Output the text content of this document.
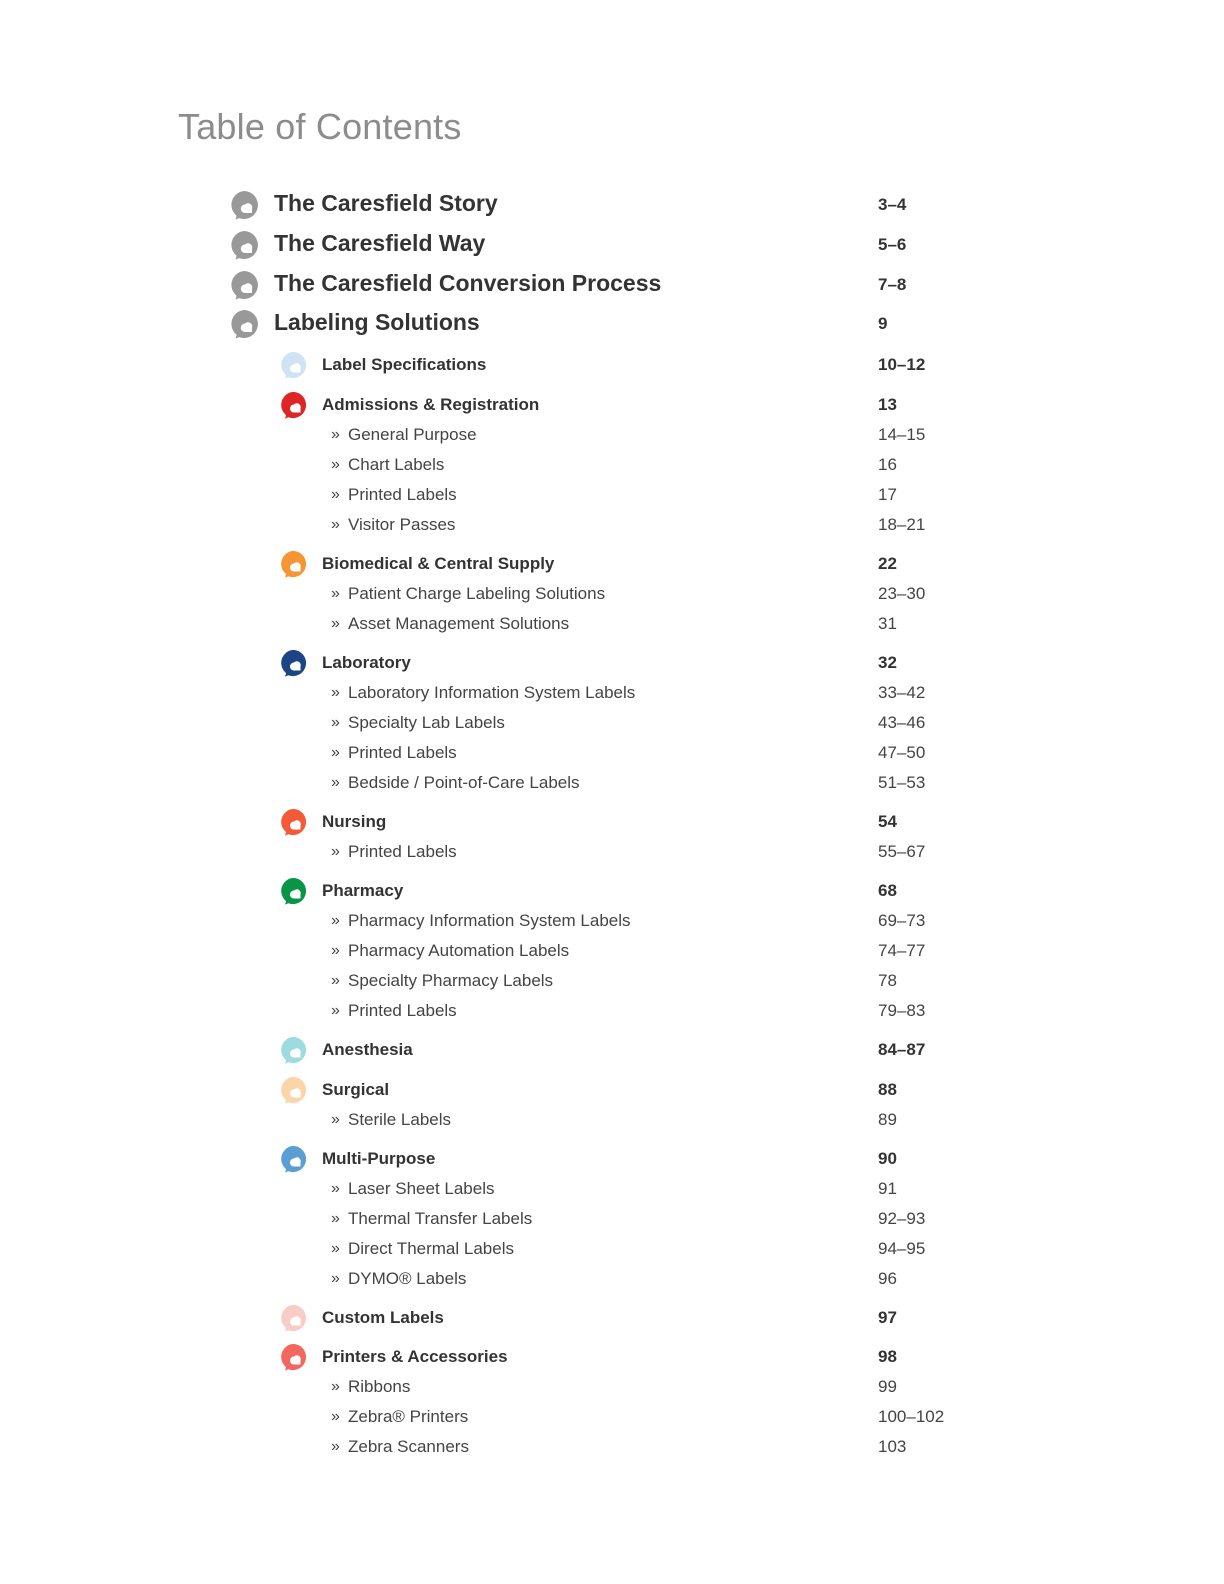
Table of Contents
The Caresfield Story	3–4
The Caresfield Way	5–6
The Caresfield Conversion Process	7–8
Labeling Solutions	9
Label Specifications	10–12
Admissions & Registration	13
» General Purpose	14–15
» Chart Labels	16
» Printed Labels	17
» Visitor Passes	18–21
Biomedical & Central Supply	22
» Patient Charge Labeling Solutions	23–30
» Asset Management Solutions	31
Laboratory	32
» Laboratory Information System Labels	33–42
» Specialty Lab Labels	43–46
» Printed Labels	47–50
» Bedside / Point-of-Care Labels	51–53
Nursing	54
» Printed Labels	55–67
Pharmacy	68
» Pharmacy Information System Labels	69–73
» Pharmacy Automation Labels	74–77
» Specialty Pharmacy Labels	78
» Printed Labels	79–83
Anesthesia	84–87
Surgical	88
» Sterile Labels	89
Multi-Purpose	90
» Laser Sheet Labels	91
» Thermal Transfer Labels	92–93
» Direct Thermal Labels	94–95
» DYMO® Labels	96
Custom Labels	97
Printers & Accessories	98
» Ribbons	99
» Zebra® Printers	100–102
» Zebra Scanners	103
